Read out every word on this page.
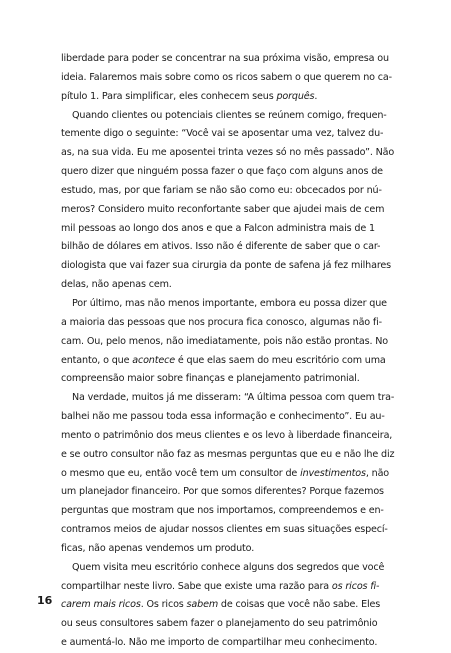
liberdade para poder se concentrar na sua próxima visão, empresa ou
ideia. Falaremos mais sobre como os ricos sabem o que querem no ca-
pítulo 1. Para simplificar, eles conhecem seus porquês.
Quando clientes ou potenciais clientes se reúnem comigo, frequen-
temente digo o seguinte: “Você vai se aposentar uma vez, talvez du-
as, na sua vida. Eu me aposentei trinta vezes só no mês passado”. Não
quero dizer que ninguém possa fazer o que faço com alguns anos de
estudo, mas, por que fariam se não são como eu: obcecados por nú-
meros? Considero muito reconfortante saber que ajudei mais de cem
mil pessoas ao longo dos anos e que a Falcon administra mais de 1
bilhão de dólares em ativos. Isso não é diferente de saber que o car-
diologista que vai fazer sua cirurgia da ponte de safena já fez milhares
delas, não apenas cem.
Por último, mas não menos importante, embora eu possa dizer que
a maioria das pessoas que nos procura fica conosco, algumas não fi-
cam. Ou, pelo menos, não imediatamente, pois não estão prontas. No
entanto, o que acontece é que elas saem do meu escritório com uma
compreensão maior sobre finanças e planejamento patrimonial.
Na verdade, muitos já me disseram: “A última pessoa com quem tra-
balhei não me passou toda essa informação e conhecimento”. Eu au-
mento o patrimônio dos meus clientes e os levo à liberdade financeira,
e se outro consultor não faz as mesmas perguntas que eu e não lhe diz
o mesmo que eu, então você tem um consultor de investimentos, não
um planejador financeiro. Por que somos diferentes? Porque fazemos
perguntas que mostram que nos importamos, compreendemos e en-
contramos meios de ajudar nossos clientes em suas situações especí-
ficas, não apenas vendemos um produto.
Quem visita meu escritório conhece alguns dos segredos que você
compartilhar neste livro. Sabe que existe uma razão para os ricos fi-
carem mais ricos. Os ricos sabem de coisas que você não sabe. Eles
ou seus consultores sabem fazer o planejamento do seu patrimônio
e aumentá-lo. Não me importo de compartilhar meu conhecimento.
16
